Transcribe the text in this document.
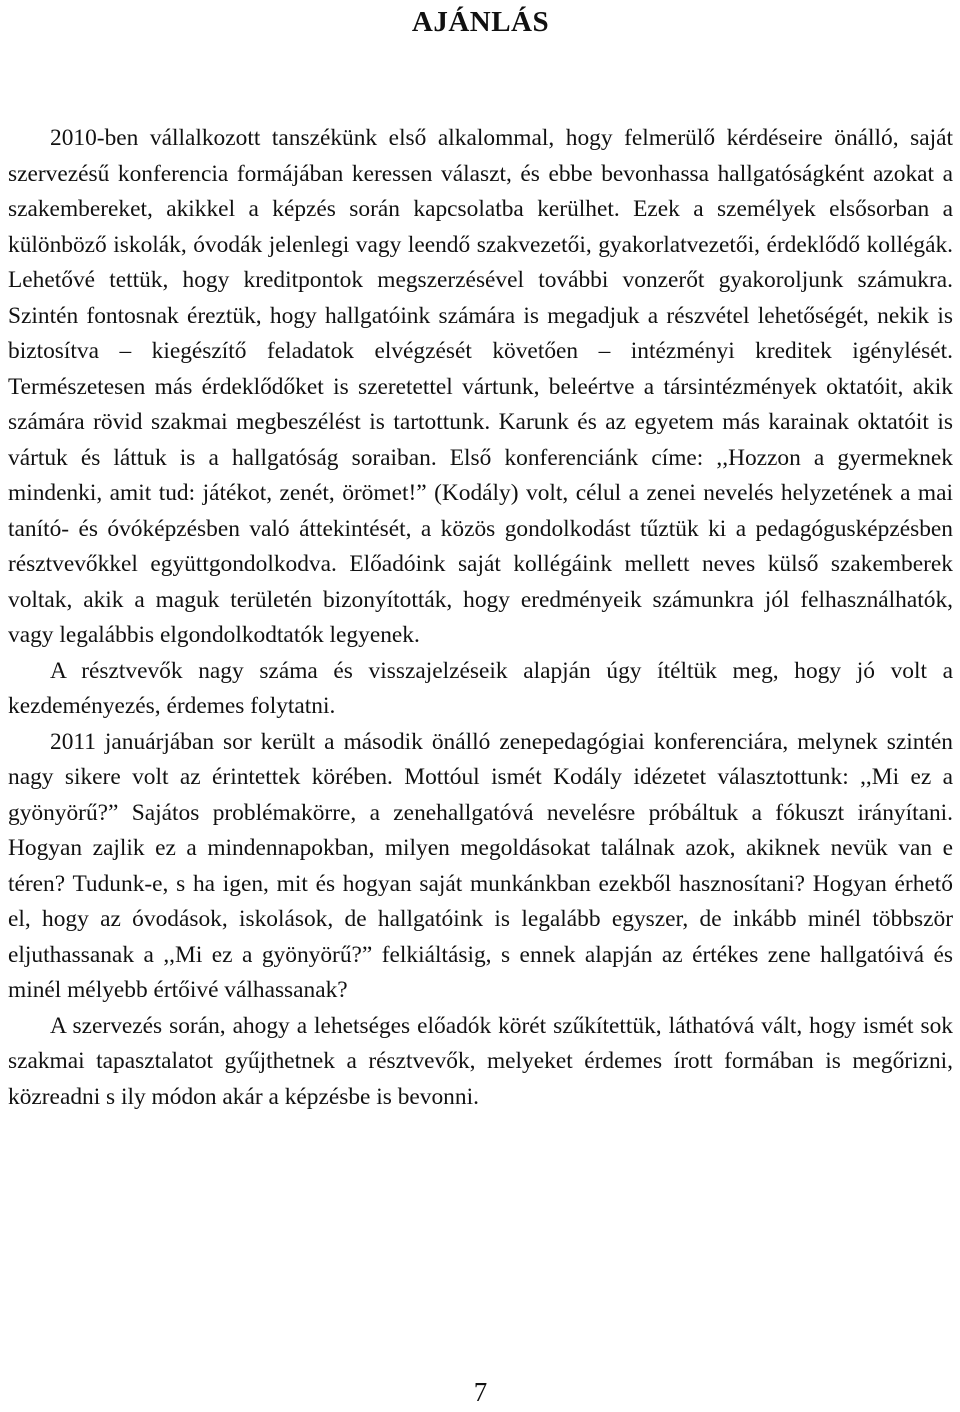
AJÁNLÁS

2010-ben vállalkozott tanszékünk első alkalommal, hogy felmerülő kérdéseire önálló, saját szervezésű konferencia formájában keressen választ, és ebbe bevonhassa hallgatóságként azokat a szakembereket, akikkel a képzés során kapcsolatba kerülhet. Ezek a személyek elsősorban a különböző iskolák, óvodák jelenlegi vagy leendő szakvezetői, gyakorlatvezetői, érdeklődő kollégák. Lehetővé tettük, hogy kreditpontok megszerzésével további vonzerőt gyakoroljunk számukra. Szintén fontosnak éreztük, hogy hallgatóink számára is megadjuk a részvétel lehetőségét, nekik is biztosítva – kiegészítő feladatok elvégzését követően – intézményi kreditek igénylését. Természetesen más érdeklődőket is szeretettel vártunk, beleértve a társintézmények oktatóit, akik számára rövid szakmai megbeszélést is tartottunk. Karunk és az egyetem más karainak oktatóit is vártuk és láttuk is a hallgatóság soraiban. Első konferenciánk címe: ,,Hozzon a gyermeknek mindenki, amit tud: játékot, zenét, örömet!” (Kodály) volt, célul a zenei nevelés helyzetének a mai tanító- és óvóképzésben való áttekintését, a közös gondolkodást tűztük ki a pedagógusképzésben résztvevőkkel együttgondolkodva. Előadóink saját kollégáink mellett neves külső szakemberek voltak, akik a maguk területén bizonyították, hogy eredményeik számunkra jól felhasználhatók, vagy legalábbis elgondolkodtatók legyenek.

A résztvevők nagy száma és visszajelzéseik alapján úgy ítéltük meg, hogy jó volt a kezdeményezés, érdemes folytatni.

2011 januárjában sor került a második önálló zenepedagógiai konferenciára, melynek szintén nagy sikere volt az érintettek körében. Mottóul ismét Kodály idézetet választottunk: ,,Mi ez a gyönyörű?” Sajátos problémakörre, a zenehallgatóvá nevelésre próbáltuk a fókuszt irányítani. Hogyan zajlik ez a mindennapokban, milyen megoldásokat találnak azok, akiknek nevük van e téren? Tudunk-e, s ha igen, mit és hogyan saját munkánkban ezekből hasznosítani? Hogyan érhető el, hogy az óvodások, iskolások, de hallgatóink is legalább egyszer, de inkább minél többször eljuthassanak a ,,Mi ez a gyönyörű?” felkiáltásig, s ennek alapján az értékes zene hallgatóivá és minél mélyebb értőivé válhassanak?

A szervezés során, ahogy a lehetséges előadók körét szűkítettük, láthatóvá vált, hogy ismét sok szakmai tapasztalatot gyűjthetnek a résztvevők, melyeket érdemes írott formában is megőrizni, közreadni s ily módon akár a képzésbe is bevonni.

7
